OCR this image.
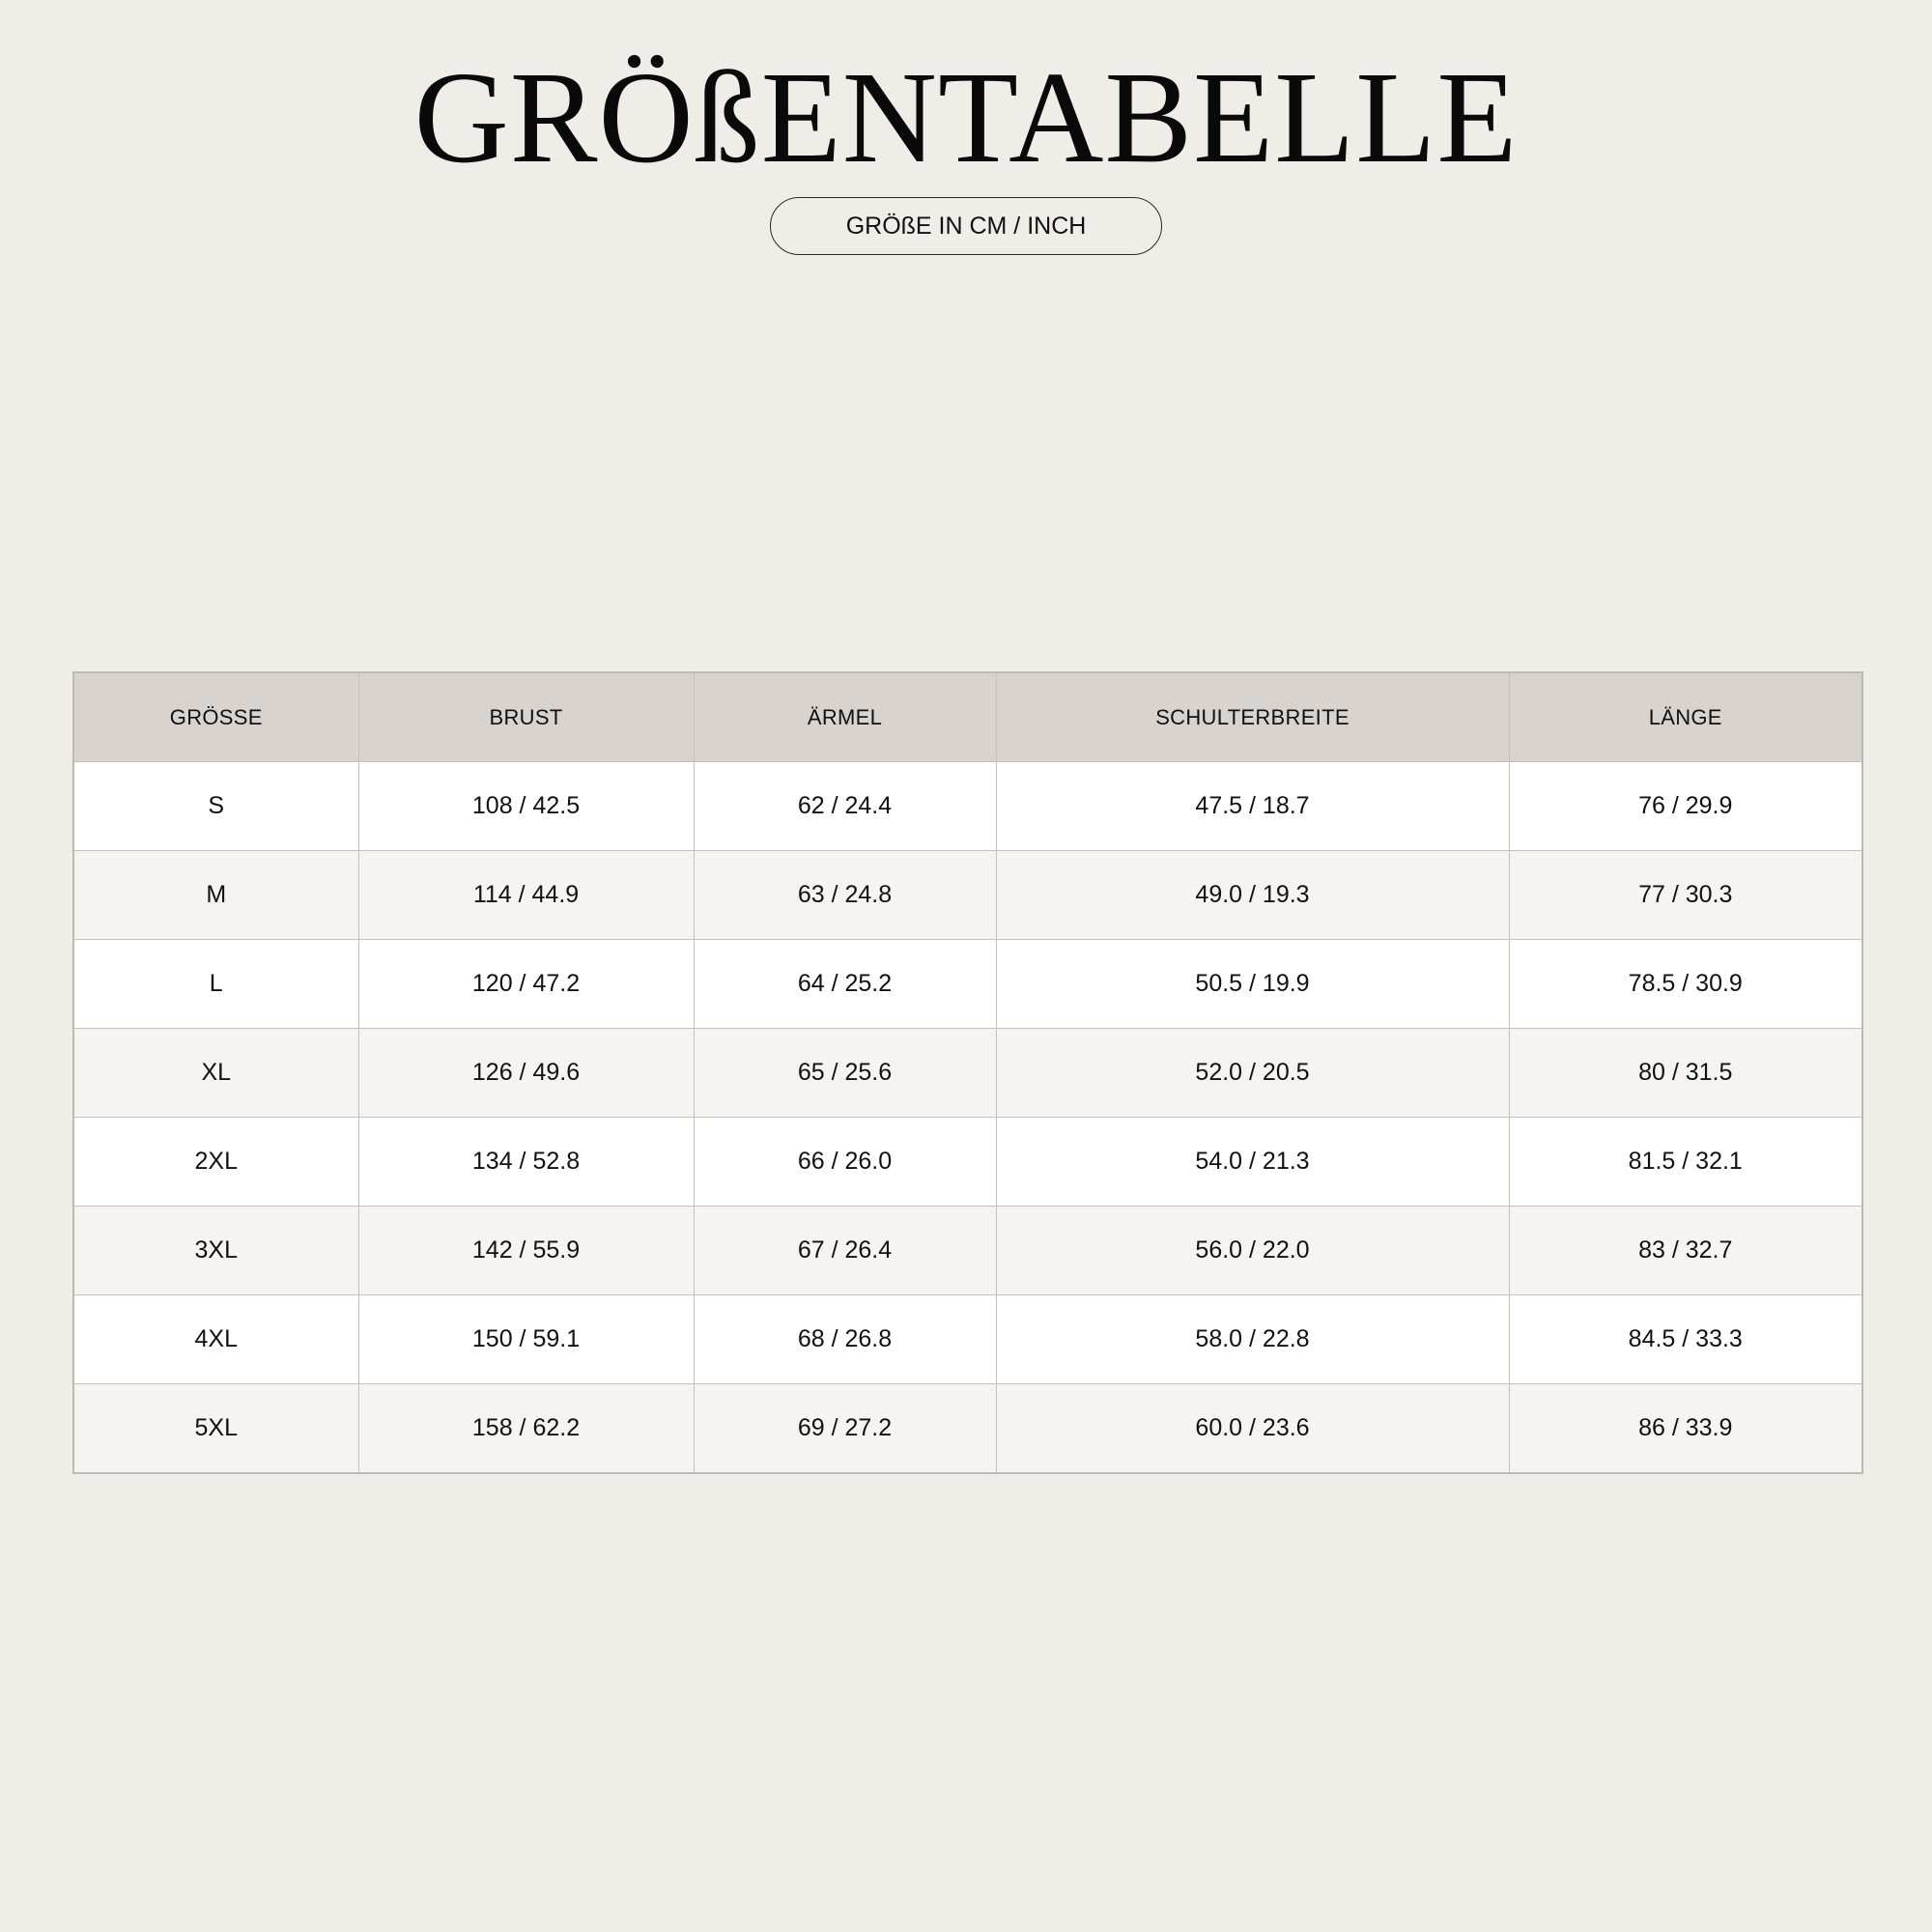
GRÖßENTABELLE
GRÖßE IN CM / INCH
GRÖSSE	BRUST	ÄRMEL	SCHULTERBREITE	LÄNGE
S	108 / 42.5	62 / 24.4	47.5 / 18.7	76 / 29.9
M	114 / 44.9	63 / 24.8	49.0 / 19.3	77 / 30.3
L	120 / 47.2	64 / 25.2	50.5 / 19.9	78.5 / 30.9
XL	126 / 49.6	65 / 25.6	52.0 / 20.5	80 / 31.5
2XL	134 / 52.8	66 / 26.0	54.0 / 21.3	81.5 / 32.1
3XL	142 / 55.9	67 / 26.4	56.0 / 22.0	83 / 32.7
4XL	150 / 59.1	68 / 26.8	58.0 / 22.8	84.5 / 33.3
5XL	158 / 62.2	69 / 27.2	60.0 / 23.6	86 / 33.9
